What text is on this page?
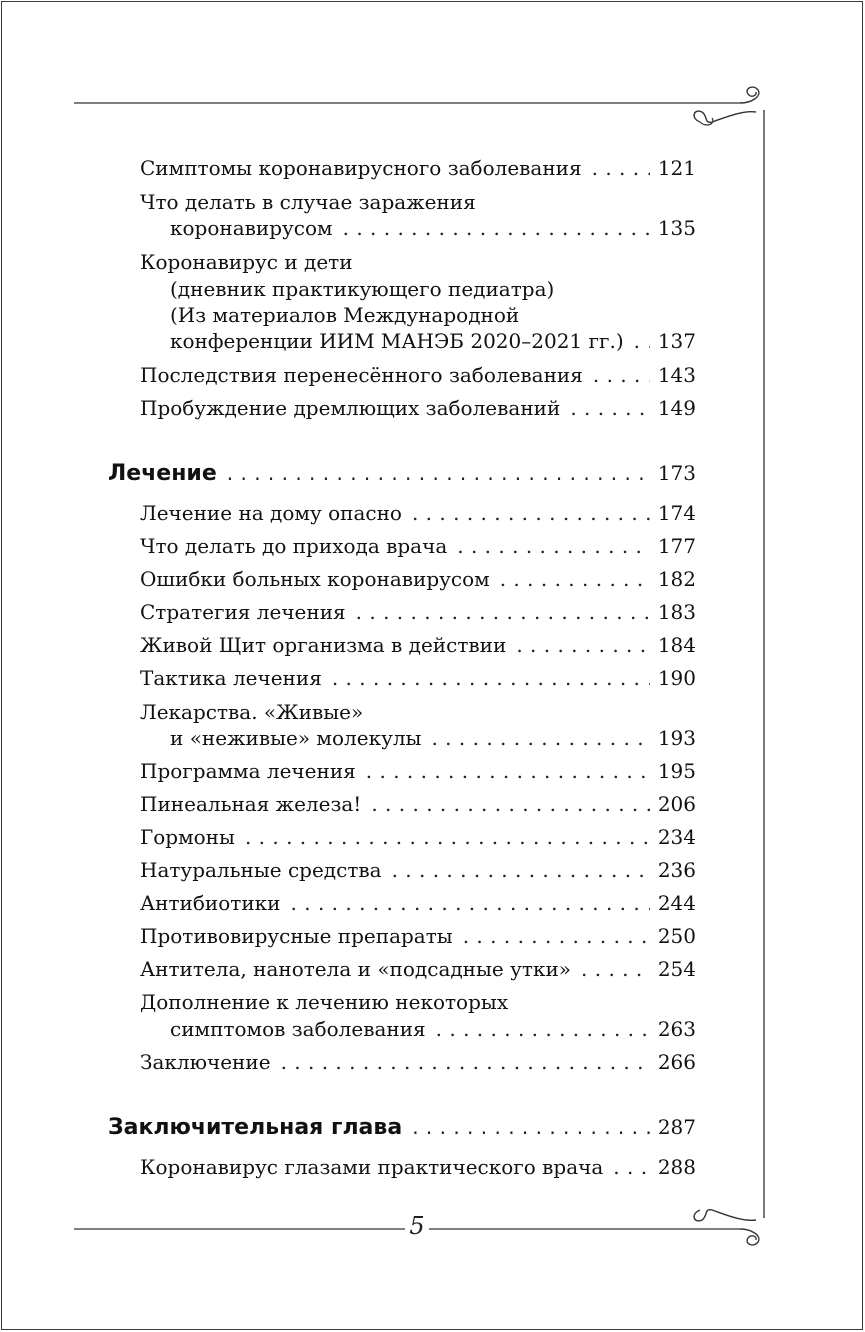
5
Симптомы коронавирусного заболевания . . .	121
Что делать в случае заражения
коронавирусом . . .	135
Коронавирус и дети
(дневник практикующего педиатра)
(Из материалов Международной
конференции ИИМ МАНЭБ 2020–2021 гг.) . . . 137
Последствия перенесённого заболевания . . .	143
Пробуждение дремлющих заболеваний . . .	149
Лечение . . .	173
Лечение на дому опасно . . .	174
Что делать до прихода врача . . .	177
Ошибки больных коронавирусом . . .	182
Стратегия лечения . . .	183
Живой Щит организма в действии . . .	184
Тактика лечения . . .	190
Лекарства. «Живые»
и «неживые» молекулы . . .	193
Программа лечения . . .	195
Пинеальная железа! . . .	206
Гормоны . . .	234
Натуральные средства . . .	236
Антибиотики . . .	244
Противовирусные препараты . . .	250
Антитела, нанотела и «подсадные утки» . . .	254
Дополнение к лечению некоторых
симптомов заболевания . . .	263
Заключение . . .	266
Заключительная глава . . .	287
Коронавирус глазами практического врача . . .	288
